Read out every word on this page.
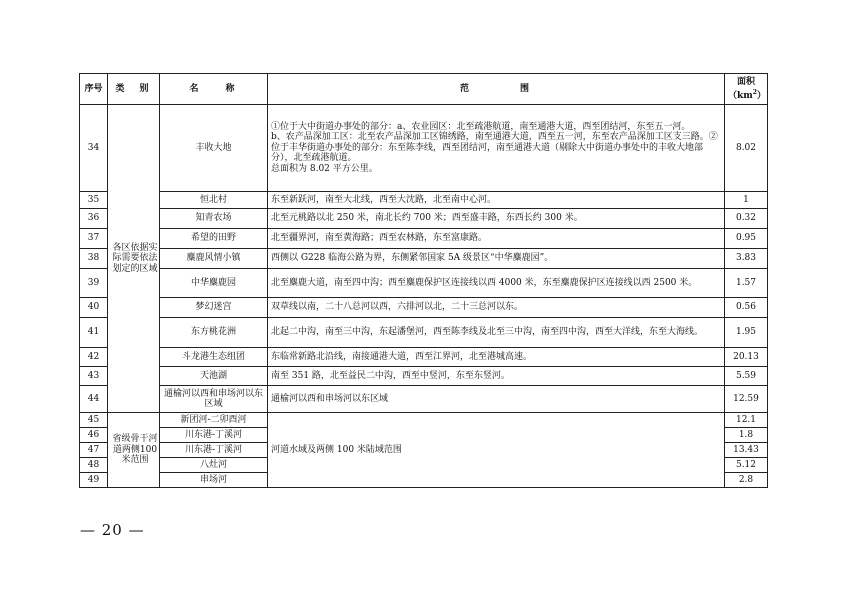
序号	类　别	名　　称	范　　　　围	面积
$(km^2)$

34	各区依据实际需要依法划定的区域	丰收大地	①位于大中街道办事处的部分：a、农业园区：北至疏港航道，南至通港大道，西至团结河，东至五一河。
b、农产品深加工区：北至农产品深加工区锦绣路，南至通港大道，西至五一河，东至农产品深加工区支三路。②位于丰华街道办事处的部分：东至陈李线，西至团结河，南至通港大道（剔除大中街道办事处中的丰收大地部分），北至疏港航道。
总面积为 8.02 平方公里。	8.02
35		恒北村	东至新跃河，南至大北线，西至大沈路，北至南中心河。	1
36		知青农场	北至元桃路以北 250 米，南北长约 700 米；西至盛丰路，东西长约 300 米。	0.32
37		希望的田野	北至疆界河，南至黄海路；西至农林路，东至富康路。	0.95
38		麋鹿风情小镇	西侧以 G228 临海公路为界，东侧紧邻国家 5A 级景区“中华麋鹿园”。	3.83
39		中华麋鹿园	北至麋鹿大道，南至四中沟；西至麋鹿保护区连接线以西 4000 米，东至麋鹿保护区连接线以西 2500 米。	1.57
40		梦幻迷宫	双草线以南，二十八总河以西，六排河以北，二十三总河以东。	0.56
41		东方桃花洲	北起二中沟，南至三中沟，东起潘堡河，西至陈李线及北至三中沟，南至四中沟，西至大洋线，东至大海线。	1.95
42		斗龙港生态组团	东临常新路北沿线，南接通港大道，西至江界河，北至港城高速。	20.13
43		天池湖	南至 351 路，北至益民二中沟，西至中竖河，东至东竖河。	5.59
44		通榆河以西和串场河以东区域	通榆河以西和串场河以东区域	12.59
45	省级骨干河道两侧100米范围	新团河-二卯酉河	河道水域及两侧 100 米陆域范围	12.1
46		川东港-丁溪河		1.8
47		川东港-丁溪河		13.43
48		八灶河		5.12
49		串场河		2.8
— 20 —
